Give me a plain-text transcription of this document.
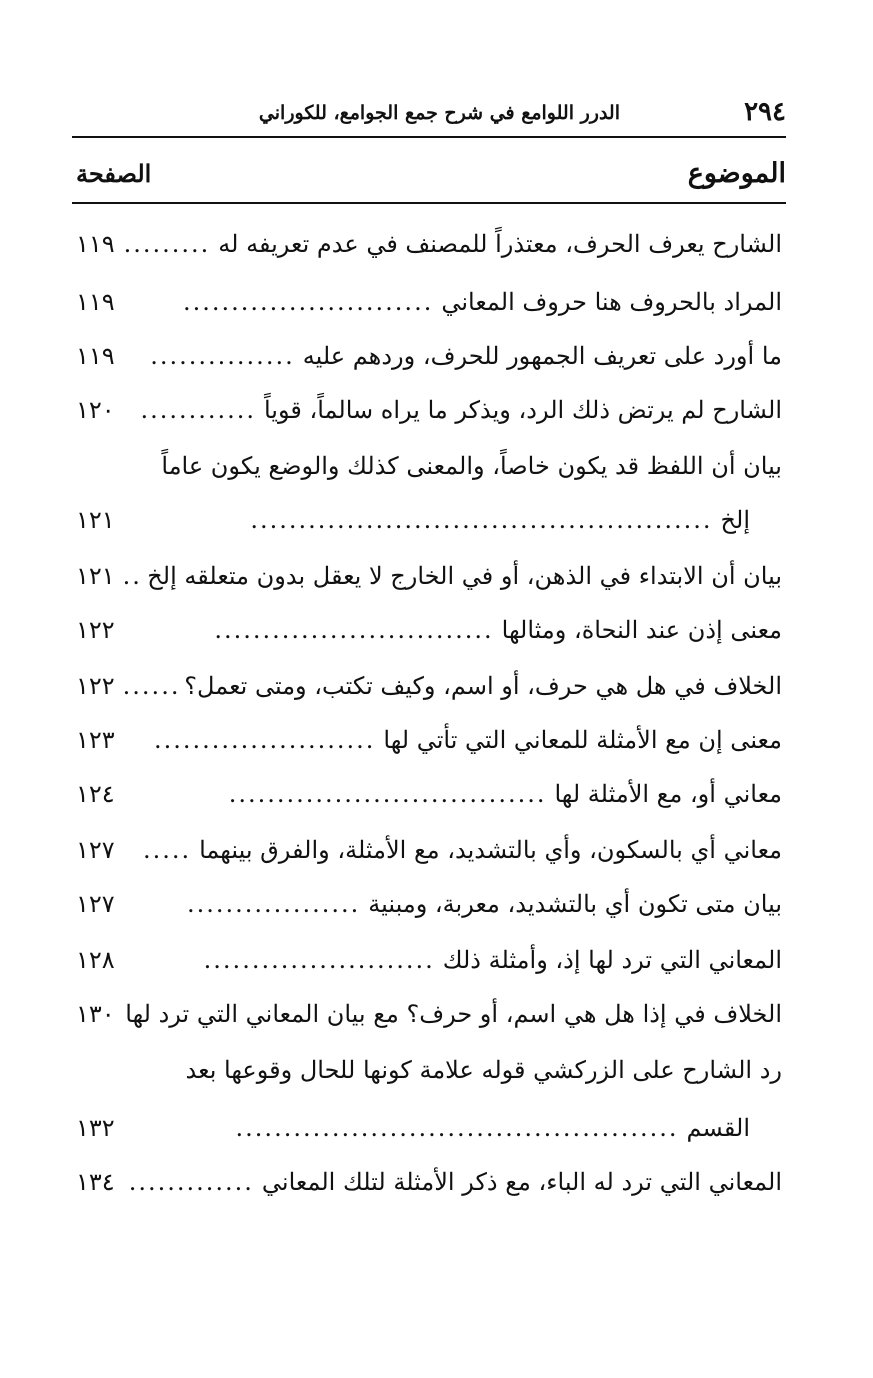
٢٩٤
الدرر اللوامع في شرح جمع الجوامع، للكوراني
الموضوع
الصفحة
الشارح يعرف الحرف، معتذراً للمصنف في عدم تعريفه له
.........
١١٩
المراد بالحروف هنا حروف المعاني
..........................
١١٩
ما أورد على تعريف الجمهور للحرف، وردهم عليه
...............
١١٩
الشارح لم يرتض ذلك الرد، ويذكر ما يراه سالماً، قوياً
............
١٢٠
بيان أن اللفظ قد يكون خاصاً، والمعنى كذلك والوضع يكون عاماً
إلخ
................................................
١٢١
بيان أن الابتداء في الذهن، أو في الخارج لا يعقل بدون متعلقه إلخ
..
١٢١
معنى إذن عند النحاة، ومثالها
.............................
١٢٢
الخلاف في هل هي حرف، أو اسم، وكيف تكتب، ومتى تعمل؟
......
١٢٢
معنى إن مع الأمثلة للمعاني التي تأتي لها
.......................
١٢٣
معاني أو، مع الأمثلة لها
.................................
١٢٤
معاني أي بالسكون، وأي بالتشديد، مع الأمثلة، والفرق بينهما
.....
١٢٧
بيان متى تكون أي بالتشديد، معربة، ومبنية
..................
١٢٧
المعاني التي ترد لها إذ، وأمثلة ذلك
........................
١٢٨
الخلاف في إذا هل هي اسم، أو حرف؟ مع بيان المعاني التي ترد لها
١٣٠
رد الشارح على الزركشي قوله علامة كونها للحال وقوعها بعد
القسم
..............................................
١٣٢
المعاني التي ترد له الباء، مع ذكر الأمثلة لتلك المعاني
.............
١٣٤
